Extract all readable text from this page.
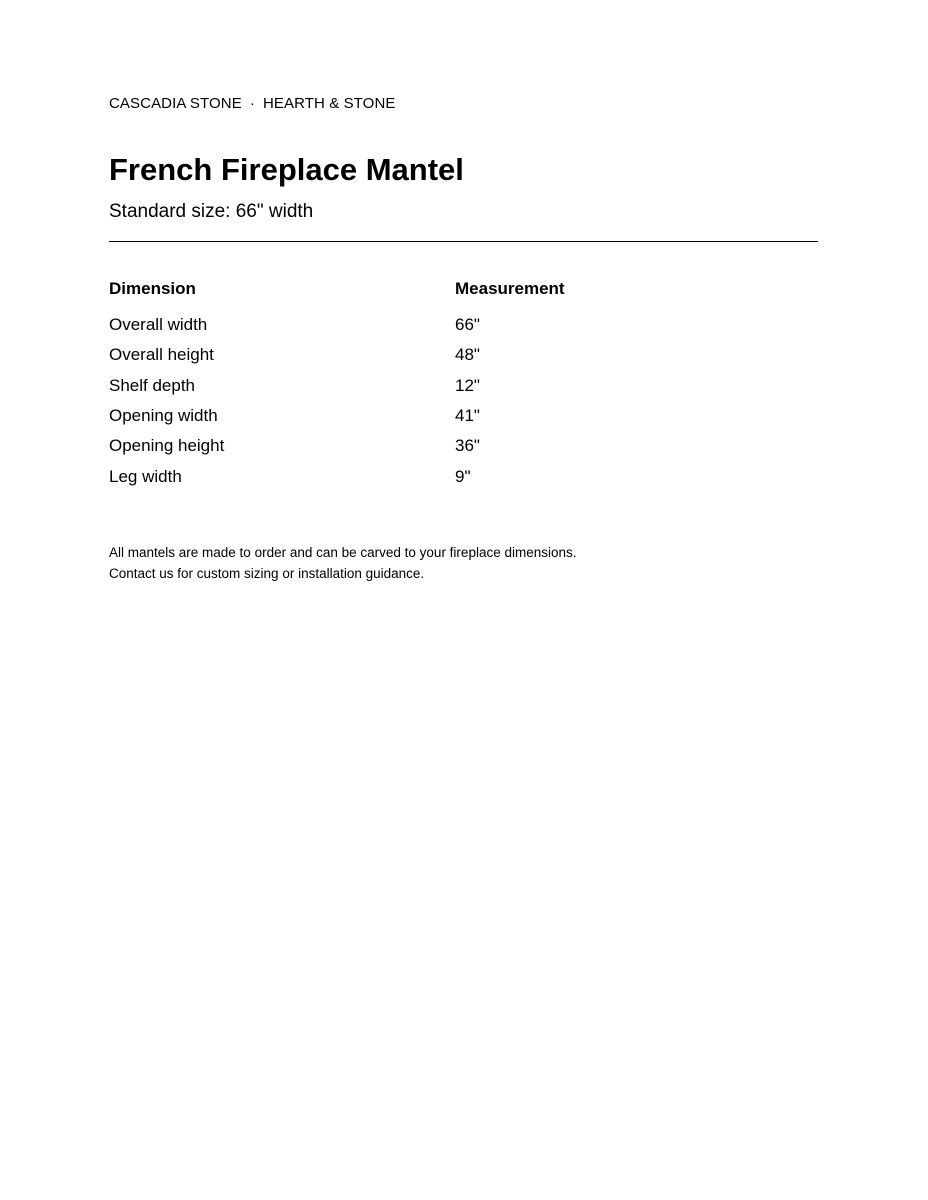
CASCADIA STONE · HEARTH & STONE
French Fireplace Mantel
Standard size: 66" width
Dimension	Measurement
Overall width	66"
Overall height	48"
Shelf depth	12"
Opening width	41"
Opening height	36"
Leg width	9"
All mantels are made to order and can be carved to your fireplace dimensions.
Contact us for custom sizing or installation guidance.
